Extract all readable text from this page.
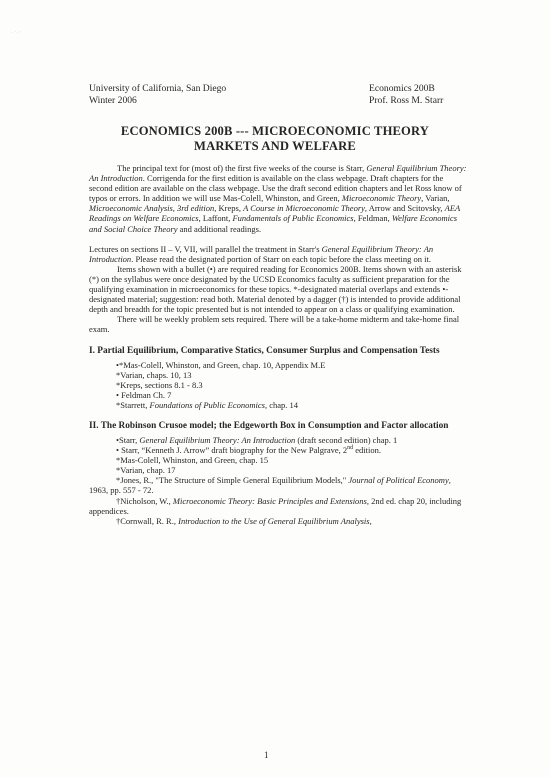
. · . ·
University of California, San Diego
Winter 2006
Economics 200B
Prof. Ross M. Starr
ECONOMICS 200B --- MICROECONOMIC THEORY
MARKETS AND WELFARE

The principal text for (most of) the first five weeks of the course is Starr, General Equilibrium Theory: An Introduction. Corrigenda for the first edition is available on the class webpage. Draft chapters for the second edition are available on the class webpage. Use the draft second edition chapters and let Ross know of typos or errors. In addition we will use Mas-Colell, Whinston, and Green, Microeconomic Theory, Varian, Microeconomic Analysis, 3rd edition, Kreps, A Course in Microeconomic Theory, Arrow and Scitovsky, AEA Readings on Welfare Economics, Laffont, Fundamentals of Public Economics, Feldman, Welfare Economics and Social Choice Theory and additional readings.

Lectures on sections II – V, VII, will parallel the treatment in Starr's General Equilibrium Theory: An Introduction. Please read the designated portion of Starr on each topic before the class meeting on it.

Items shown with a bullet (•) are required reading for Economics 200B. Items shown with an asterisk (*) on the syllabus were once designated by the UCSD Economics faculty as sufficient preparation for the qualifying examination in microeconomics for these topics. *-designated material overlaps and extends •-designated material; suggestion: read both. Material denoted by a dagger (†) is intended to provide additional depth and breadth for the topic presented but is not intended to appear on a class or qualifying examination.

There will be weekly problem sets required. There will be a take-home midterm and take-home final exam.

I. Partial Equilibrium, Comparative Statics, Consumer Surplus and Compensation Tests
•*Mas-Colell, Whinston, and Green, chap. 10, Appendix M.E
*Varian, chaps. 10, 13
*Kreps, sections 8.1 - 8.3
• Feldman Ch. 7
*Starrett, Foundations of Public Economics, chap. 14
II. The Robinson Crusoe model; the Edgeworth Box in Consumption and Factor allocation
•Starr, General Equilibrium Theory: An Introduction (draft second edition) chap. 1
• Starr, “Kenneth J. Arrow” draft biography for the New Palgrave, 2nd edition.
*Mas-Colell, Whinston, and Green, chap. 15
*Varian, chap. 17
*Jones, R., "The Structure of Simple General Equilibrium Models," Journal of Political Economy, 1963, pp. 557 - 72.
†Nicholson, W., Microeconomic Theory: Basic Principles and Extensions, 2nd ed. chap 20, including appendices.
†Cornwall, R. R., Introduction to the Use of General Equilibrium Analysis,
1
